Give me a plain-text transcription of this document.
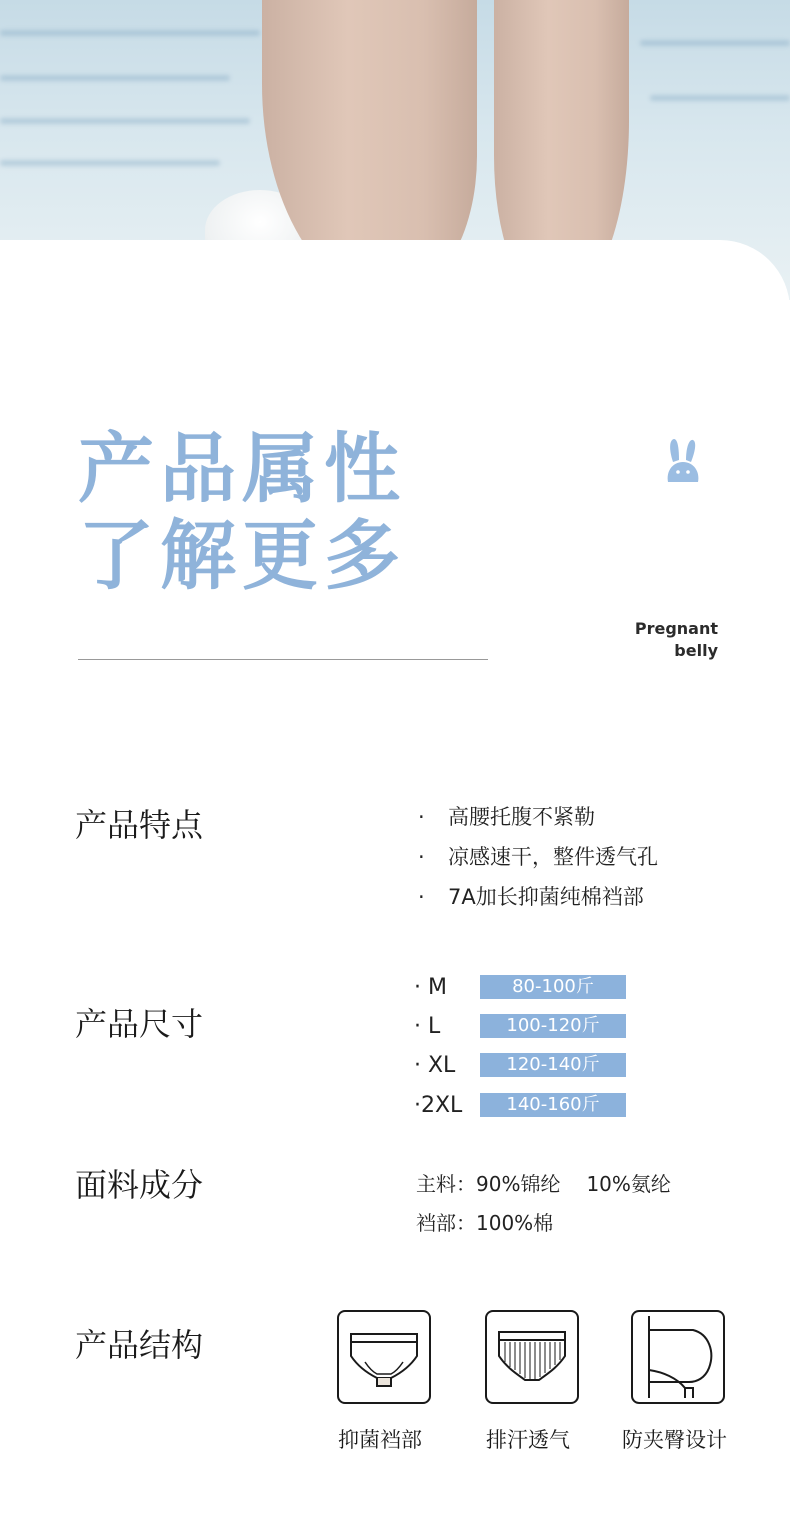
产品属性
了解更多
Pregnant
belly
产品特点	· 高腰托腹不紧勒
· 凉感速干，整件透气孔
· 7A加长抑菌纯棉裆部
产品尺寸
· M	80-100斤
· L	100-120斤
· XL	120-140斤
·2XL	140-160斤
面料成分	主料：90%锦纶 10%氨纶
裆部：100%棉
产品结构
抑菌裆部	排汗透气 防夹臀设计
